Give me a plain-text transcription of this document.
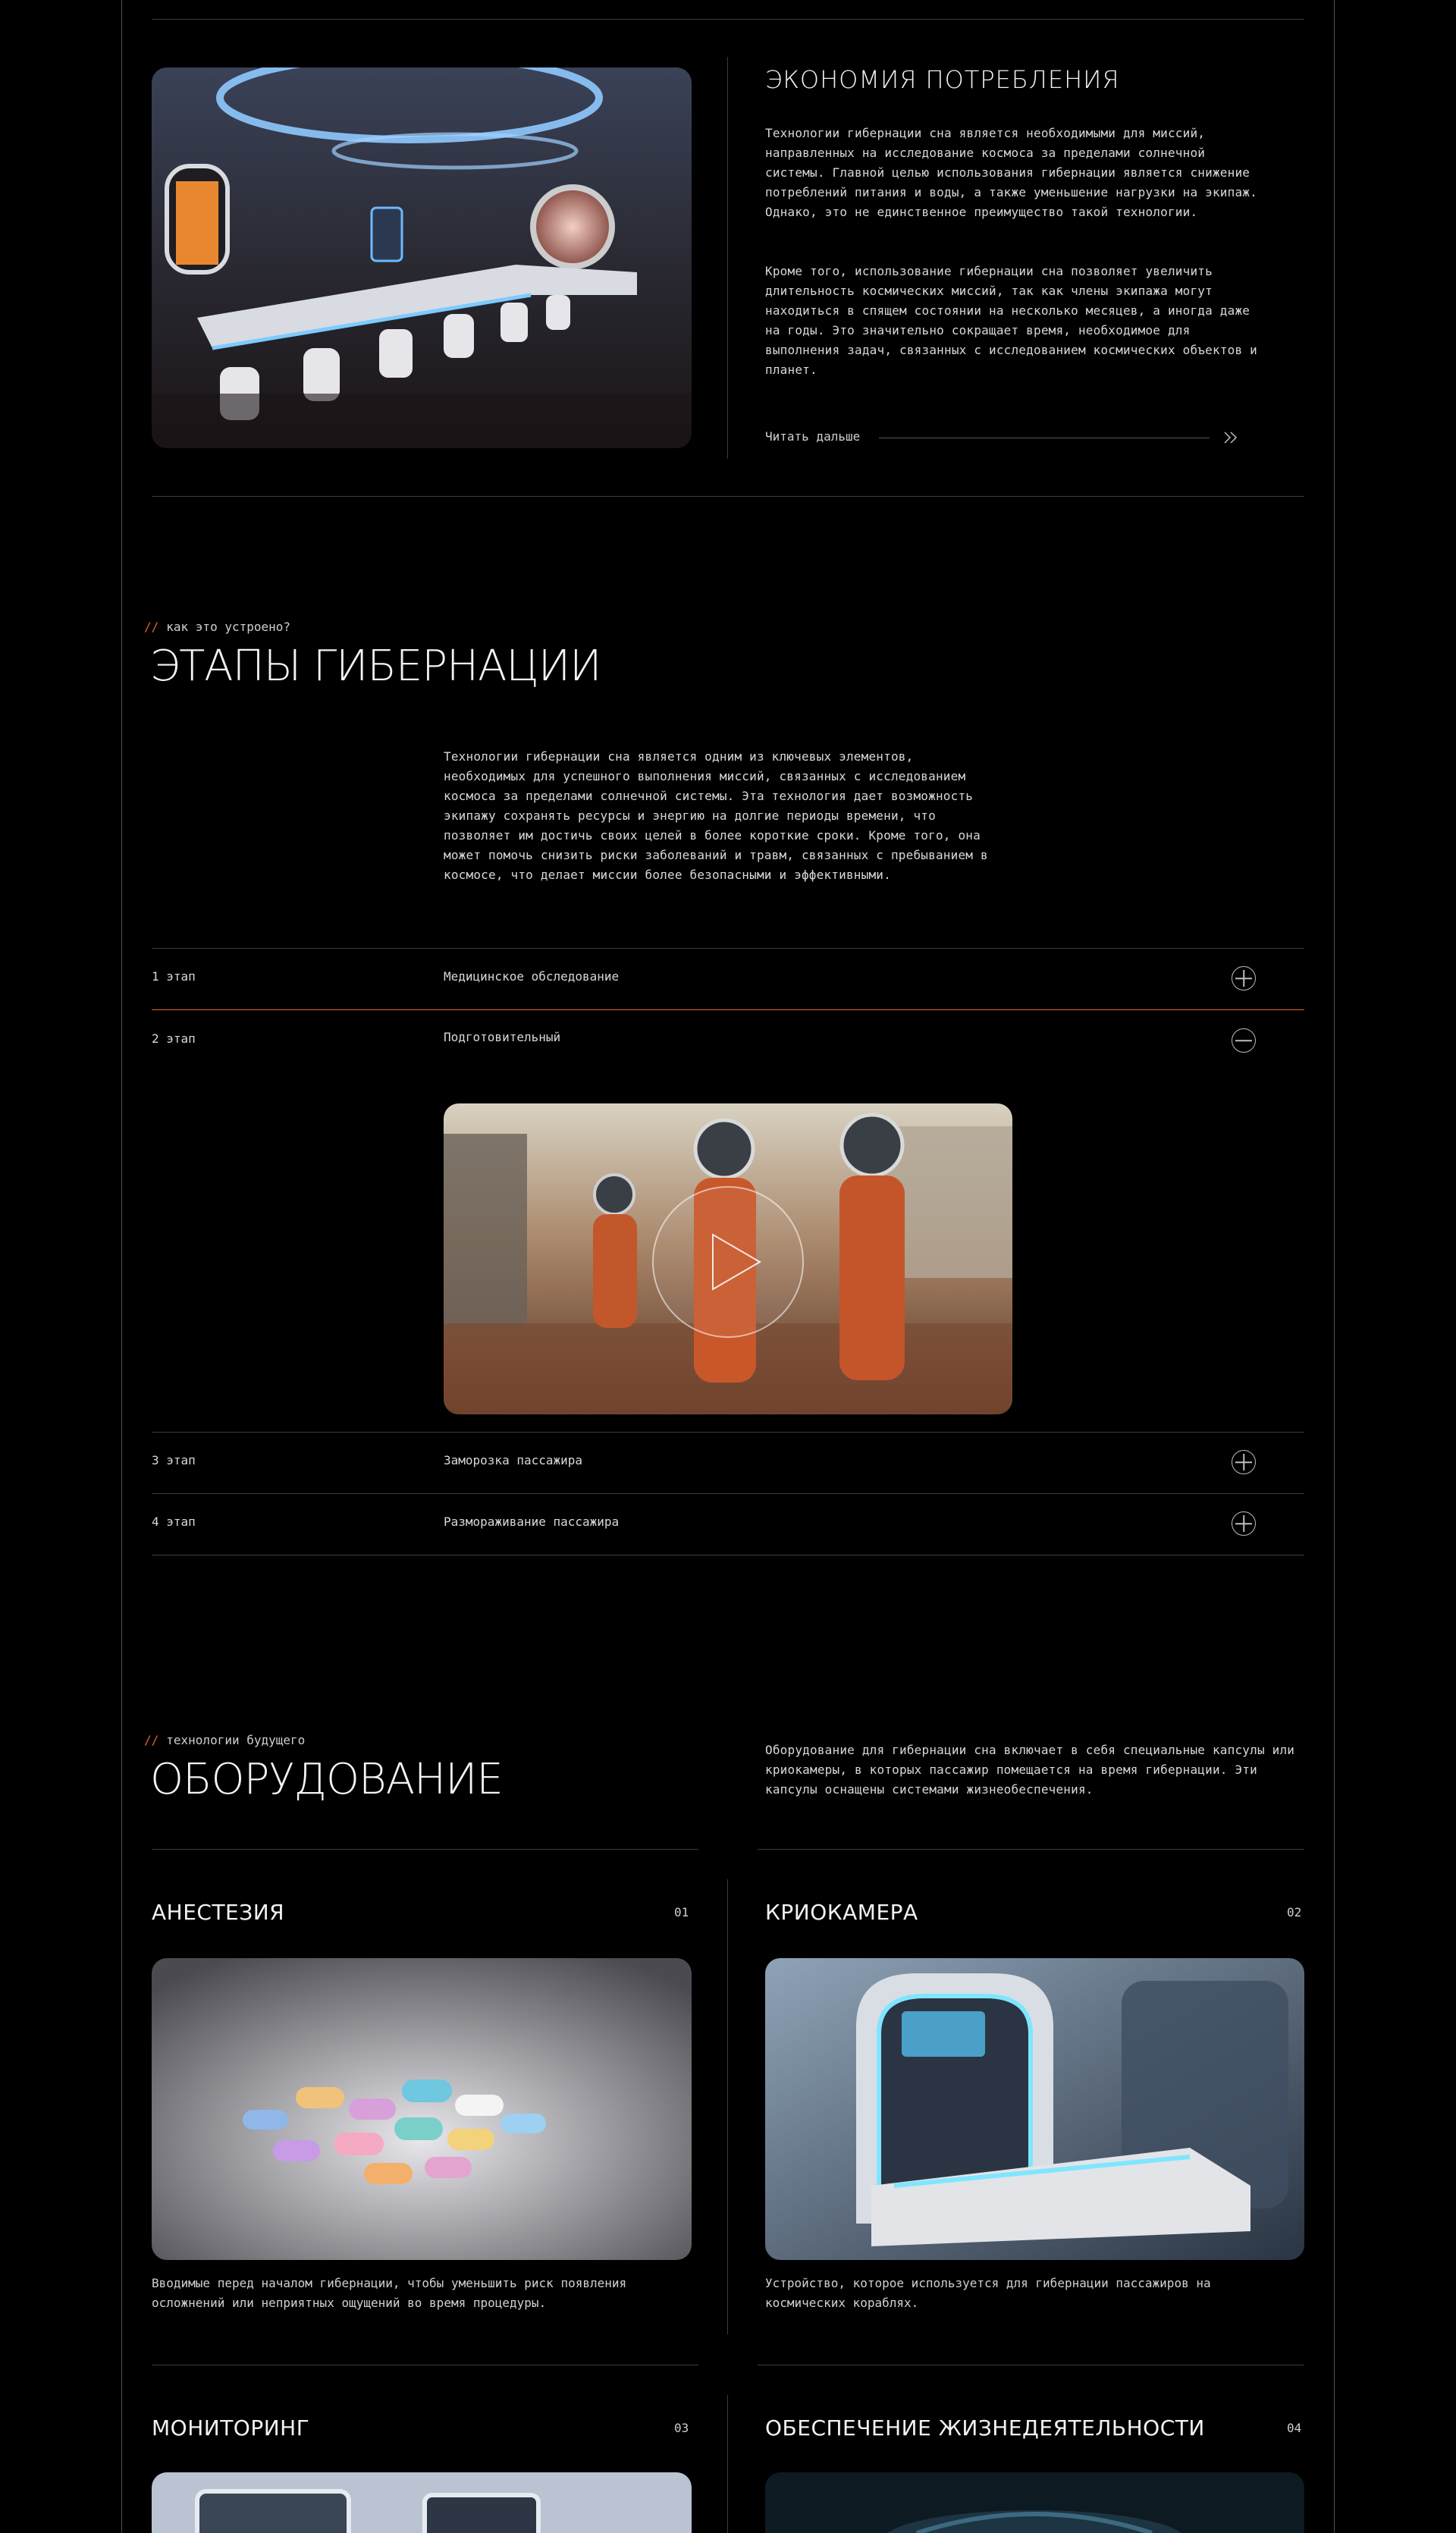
ЭКОНОМИЯ ПОТРЕБЛЕНИЯ
Технологии гибернации сна является необходимыми для миссий, направленных на исследование космоса за пределами солнечной системы. Главной целью использования гибернации является снижение потреблений питания и воды, а также уменьшение нагрузки на экипаж. Однако, это не единственное преимущество такой технологии.
Кроме того, использование гибернации сна позволяет увеличить длительность космических миссий, так как члены экипажа могут находиться в спящем состоянии на несколько месяцев, а иногда даже на годы. Это значительно сокращает время, необходимое для выполнения задач, связанных с исследованием космических объектов и планет.
Читать дальше
// как это устроено?
ЭТАПЫ ГИБЕРНАЦИИ
Технологии гибернации сна является одним из ключевых элементов, необходимых для успешного выполнения миссий, связанных с исследованием космоса за пределами солнечной системы. Эта технология дает возможность экипажу сохранять ресурсы и энергию на долгие периоды времени, что позволяет им достичь своих целей в более короткие сроки. Кроме того, она может помочь снизить риски заболеваний и травм, связанных с пребыванием в космосе, что делает миссии более безопасными и эффективными.
1 этап	Медицинское обследование
2 этап	Подготовительный
3 этап	Заморозка пассажира
4 этап	Размораживание пассажира
// технологии будущего
ОБОРУДОВАНИЕ
Оборудование для гибернации сна включает в себя специальные капсулы или криокамеры, в которых пассажир помещается на время гибернации. Эти капсулы оснащены системами жизнеобеспечения.
АНЕСТЕЗИЯ	01
Вводимые перед началом гибернации, чтобы уменьшить риск появления осложнений или неприятных ощущений во время процедуры.
КРИОКАМЕРА	02
Устройство, которое используется для гибернации пассажиров на космических кораблях.
МОНИТОРИНГ	03	ОБЕСПЕЧЕНИЕ ЖИЗНЕДЕЯТЕЛЬНОСТИ	04
